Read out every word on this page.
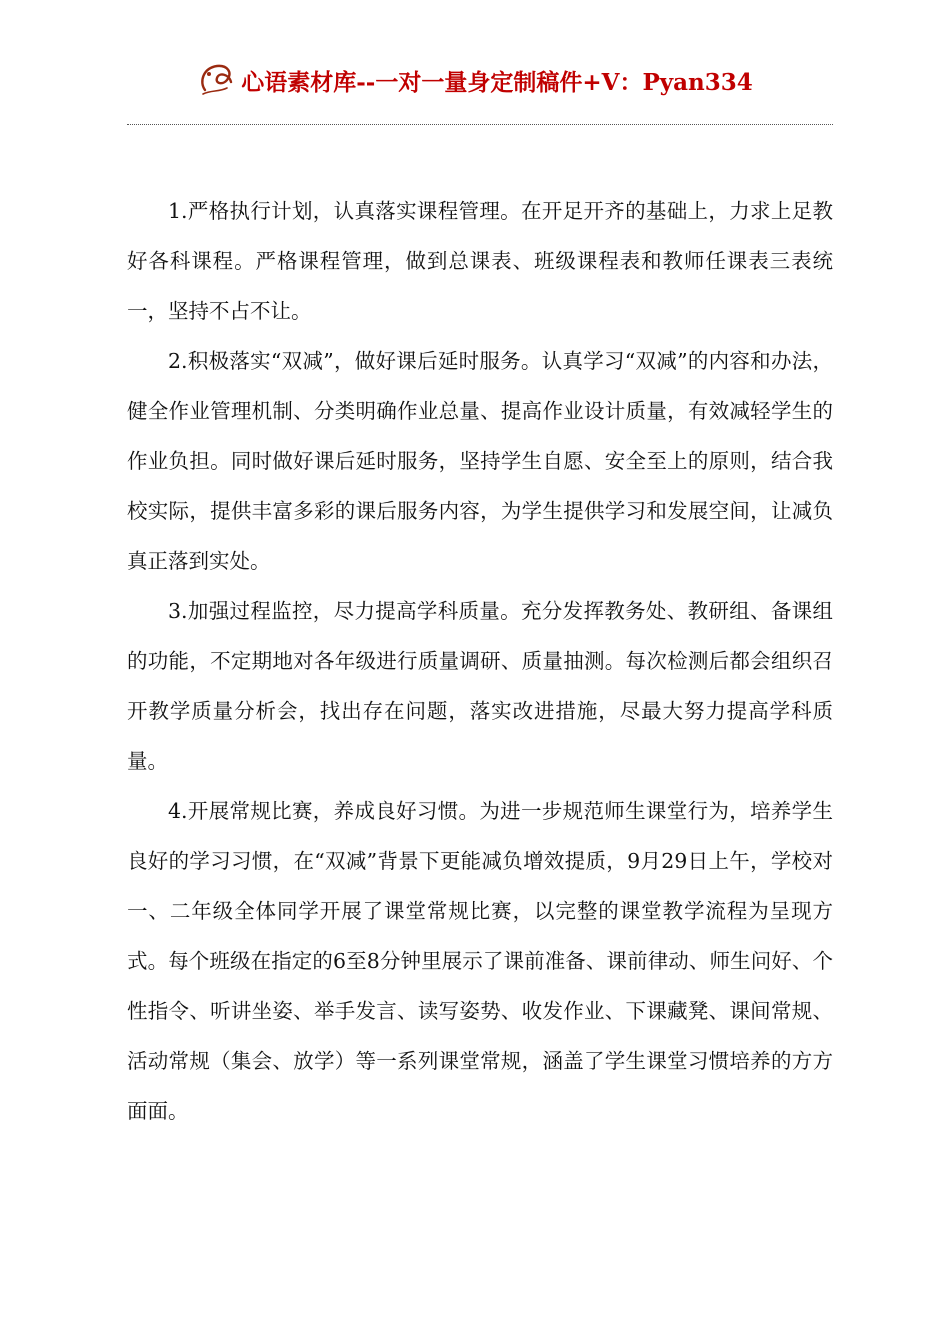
心语素材库--一对一量身定制稿件+V：Pyan334

1.严格执行计划，认真落实课程管理。在开足开齐的基础上，力求上足教好各科课程。严格课程管理，做到总课表、班级课程表和教师任课表三表统一，坚持不占不让。

2.积极落实“双减”，做好课后延时服务。认真学习“双减”的内容和办法，健全作业管理机制、分类明确作业总量、提高作业设计质量，有效减轻学生的作业负担。同时做好课后延时服务，坚持学生自愿、安全至上的原则，结合我校实际，提供丰富多彩的课后服务内容，为学生提供学习和发展空间，让减负真正落到实处。

3.加强过程监控，尽力提高学科质量。充分发挥教务处、教研组、备课组的功能，不定期地对各年级进行质量调研、质量抽测。每次检测后都会组织召开教学质量分析会，找出存在问题，落实改进措施，尽最大努力提高学科质量。

4.开展常规比赛，养成良好习惯。为进一步规范师生课堂行为，培养学生良好的学习习惯，在“双减”背景下更能减负增效提质，9月29日上午，学校对一、二年级全体同学开展了课堂常规比赛，以完整的课堂教学流程为呈现方式。每个班级在指定的6至8分钟里展示了课前准备、课前律动、师生问好、个性指令、听讲坐姿、举手发言、读写姿势、收发作业、下课藏凳、课间常规、活动常规（集会、放学）等一系列课堂常规，涵盖了学生课堂习惯培养的方方面面。
